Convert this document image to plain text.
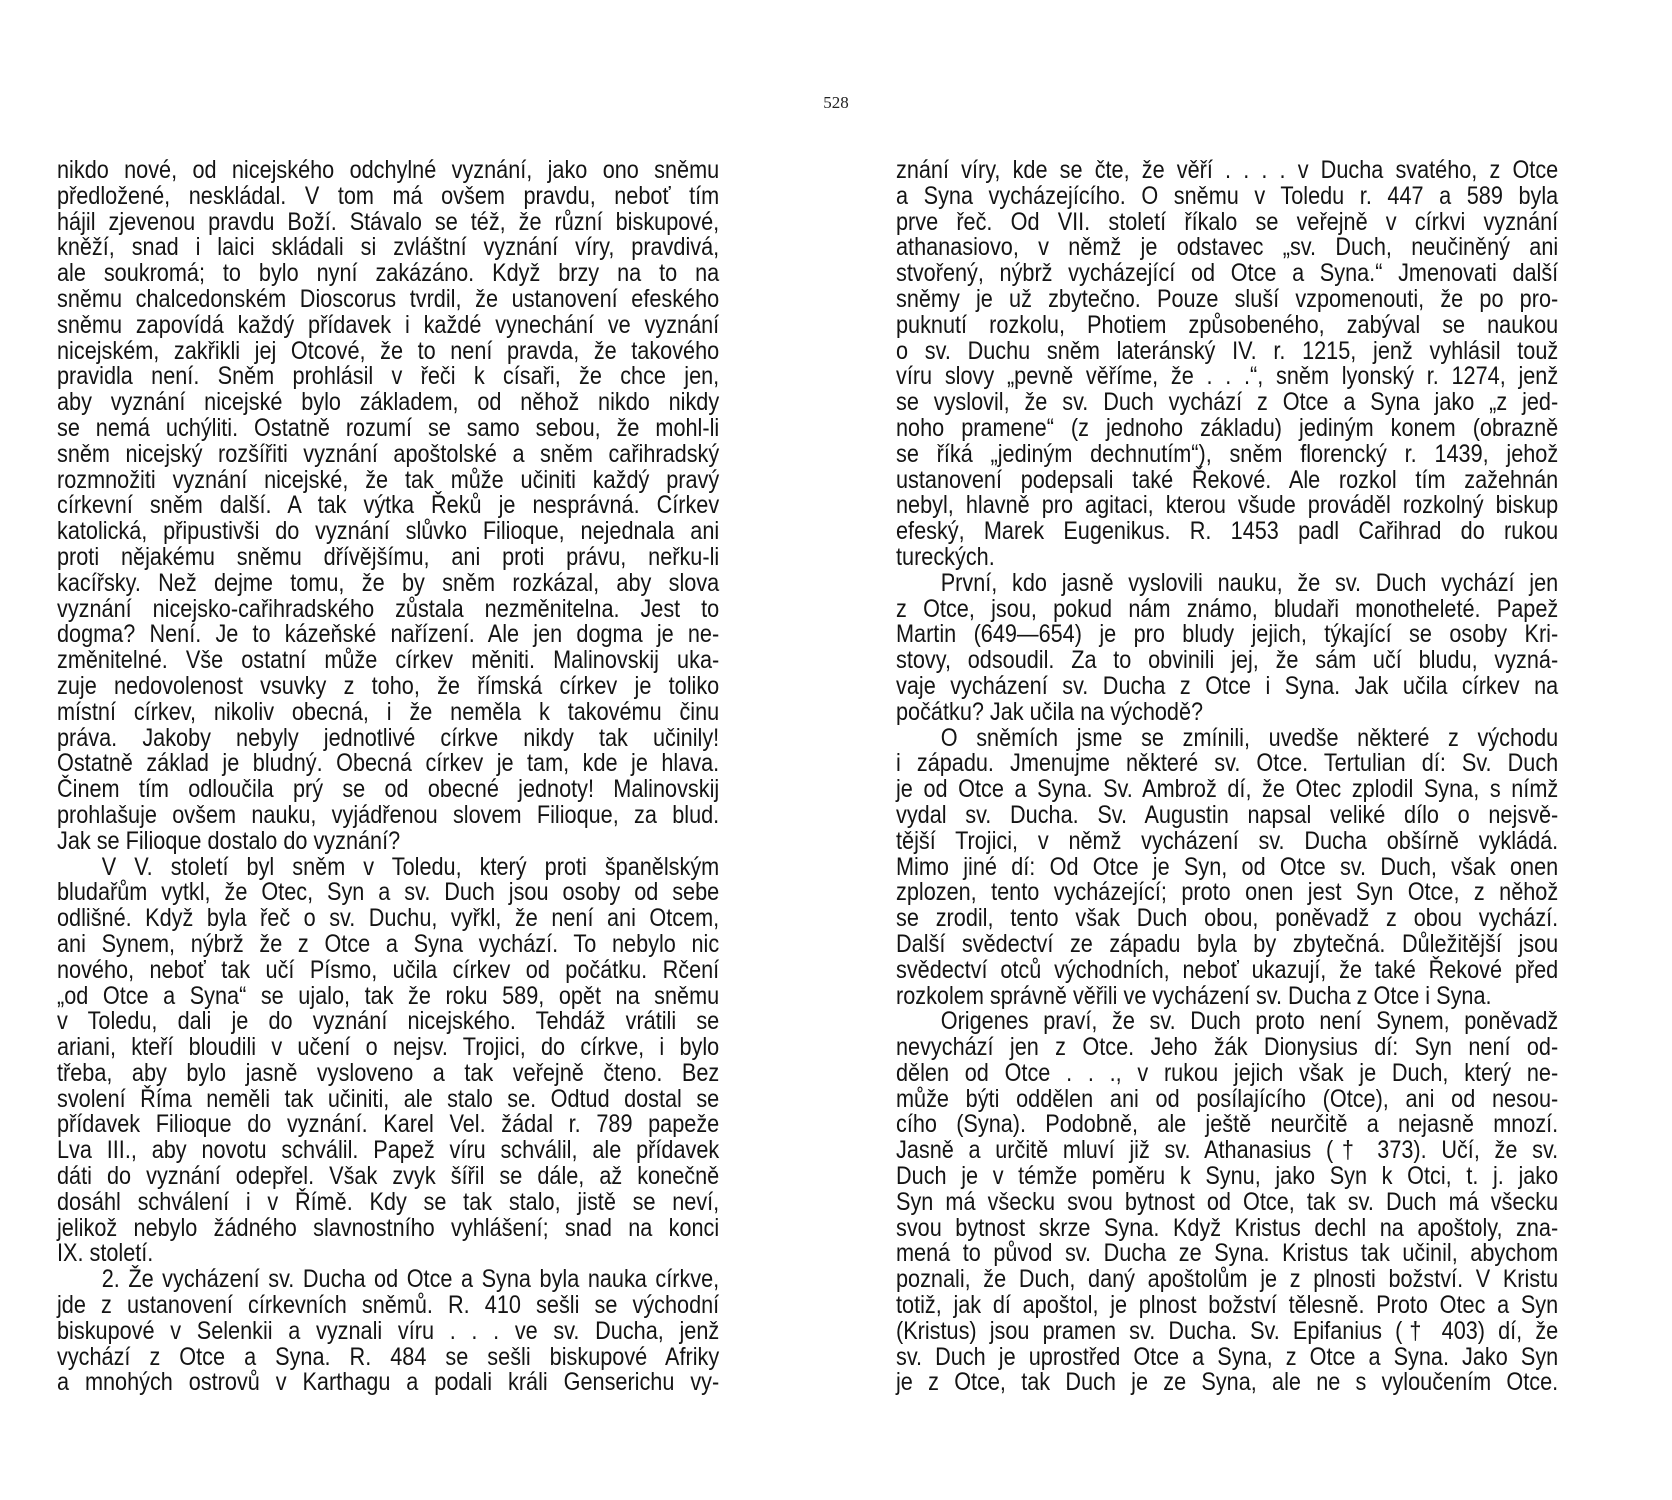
528
nikdo nové, od nicejského odchylné vyznání, jako ono sněmu
předložené, neskládal. V tom má ovšem pravdu, neboť tím
hájil zjevenou pravdu Boží. Stávalo se též, že různí biskupové,
kněží, snad i laici skládali si zvláštní vyznání víry, pravdivá,
ale soukromá; to bylo nyní zakázáno. Když brzy na to na
sněmu chalcedonském Dioscorus tvrdil, že ustanovení efeského
sněmu zapovídá každý přídavek i každé vynechání ve vyznání
nicejském, zakřikli jej Otcové, že to není pravda, že takového
pravidla není. Sněm prohlásil v řeči k císaři, že chce jen,
aby vyznání nicejské bylo základem, od něhož nikdo nikdy
se nemá uchýliti. Ostatně rozumí se samo sebou, že mohl-li
sněm nicejský rozšířiti vyznání apoštolské a sněm cařihradský
rozmnožiti vyznání nicejské, že tak může učiniti každý pravý
církevní sněm další. A tak výtka Řeků je nesprávná. Církev
katolická, připustivši do vyznání slůvko Filioque, nejednala ani
proti nějakému sněmu dřívějšímu, ani proti právu, neřku-li
kacířsky. Než dejme tomu, že by sněm rozkázal, aby slova
vyznání nicejsko-cařihradského zůstala nezměnitelna. Jest to
dogma? Není. Je to kázeňské nařízení. Ale jen dogma je ne-
změnitelné. Vše ostatní může církev měniti. Malinovskij uka-
zuje nedovolenost vsuvky z toho, že římská církev je toliko
místní církev, nikoliv obecná, i že neměla k takovému činu
práva. Jakoby nebyly jednotlivé církve nikdy tak učinily!
Ostatně základ je bludný. Obecná církev je tam, kde je hlava.
Činem tím odloučila prý se od obecné jednoty! Malinovskij
prohlašuje ovšem nauku, vyjádřenou slovem Filioque, za blud.
Jak se Filioque dostalo do vyznání?
V V. století byl sněm v Toledu, který proti španělským
bludařům vytkl, že Otec, Syn a sv. Duch jsou osoby od sebe
odlišné. Když byla řeč o sv. Duchu, vyřkl, že není ani Otcem,
ani Synem, nýbrž že z Otce a Syna vychází. To nebylo nic
nového, neboť tak učí Písmo, učila církev od počátku. Rčení
„od Otce a Syna“ se ujalo, tak že roku 589, opět na sněmu
v Toledu, dali je do vyznání nicejského. Tehdáž vrátili se
ariani, kteří bloudili v učení o nejsv. Trojici, do církve, i bylo
třeba, aby bylo jasně vysloveno a tak veřejně čteno. Bez
svolení Říma neměli tak učiniti, ale stalo se. Odtud dostal se
přídavek Filioque do vyznání. Karel Vel. žádal r. 789 papeže
Lva III., aby novotu schválil. Papež víru schválil, ale přídavek
dáti do vyznání odepřel. Však zvyk šířil se dále, až konečně
dosáhl schválení i v Římě. Kdy se tak stalo, jistě se neví,
jelikož nebylo žádného slavnostního vyhlášení; snad na konci
IX. století.
2. Že vycházení sv. Ducha od Otce a Syna byla nauka církve,
jde z ustanovení církevních sněmů. R. 410 sešli se východní
biskupové v Selenkii a vyznali víru . . . ve sv. Ducha, jenž
vychází z Otce a Syna. R. 484 se sešli biskupové Afriky
a mnohých ostrovů v Karthagu a podali králi Genserichu vy-
znání víry, kde se čte, že věří . . . . v Ducha svatého, z Otce
a Syna vycházejícího. O sněmu v Toledu r. 447 a 589 byla
prve řeč. Od VII. století říkalo se veřejně v církvi vyznání
athanasiovo, v němž je odstavec „sv. Duch, neučiněný ani
stvořený, nýbrž vycházející od Otce a Syna.“ Jmenovati další
sněmy je už zbytečno. Pouze sluší vzpomenouti, že po pro-
puknutí rozkolu, Photiem způsobeného, zabýval se naukou
o sv. Duchu sněm lateránský IV. r. 1215, jenž vyhlásil touž
víru slovy „pevně věříme, že . . .“, sněm lyonský r. 1274, jenž
se vyslovil, že sv. Duch vychází z Otce a Syna jako „z jed-
noho pramene“ (z jednoho základu) jediným konem (obrazně
se říká „jediným dechnutím“), sněm florencký r. 1439, jehož
ustanovení podepsali také Řekové. Ale rozkol tím zažehnán
nebyl, hlavně pro agitaci, kterou všude prováděl rozkolný biskup
efeský, Marek Eugenikus. R. 1453 padl Cařihrad do rukou
tureckých.
První, kdo jasně vyslovili nauku, že sv. Duch vychází jen
z Otce, jsou, pokud nám známo, bludaři monotheleté. Papež
Martin (649—654) je pro bludy jejich, týkající se osoby Kri-
stovy, odsoudil. Za to obvinili jej, že sám učí bludu, vyzná-
vaje vycházení sv. Ducha z Otce i Syna. Jak učila církev na
počátku? Jak učila na východě?
O sněmích jsme se zmínili, uvedše některé z východu
i západu. Jmenujme některé sv. Otce. Tertulian dí: Sv. Duch
je od Otce a Syna. Sv. Ambrož dí, že Otec zplodil Syna, s nímž
vydal sv. Ducha. Sv. Augustin napsal veliké dílo o nejsvě-
tější Trojici, v němž vycházení sv. Ducha obšírně vykládá.
Mimo jiné dí: Od Otce je Syn, od Otce sv. Duch, však onen
zplozen, tento vycházející; proto onen jest Syn Otce, z něhož
se zrodil, tento však Duch obou, poněvadž z obou vychází.
Další svědectví ze západu byla by zbytečná. Důležitější jsou
svědectví otců východních, neboť ukazují, že také Řekové před
rozkolem správně věřili ve vycházení sv. Ducha z Otce i Syna.
Origenes praví, že sv. Duch proto není Synem, poněvadž
nevychází jen z Otce. Jeho žák Dionysius dí: Syn není od-
dělen od Otce . . ., v rukou jejich však je Duch, který ne-
může býti oddělen ani od posílajícího (Otce), ani od nesou-
cího (Syna). Podobně, ale ještě neurčitě a nejasně mnozí.
Jasně a určitě mluví již sv. Athanasius († 373). Učí, že sv.
Duch je v témže poměru k Synu, jako Syn k Otci, t. j. jako
Syn má všecku svou bytnost od Otce, tak sv. Duch má všecku
svou bytnost skrze Syna. Když Kristus dechl na apoštoly, zna-
mená to původ sv. Ducha ze Syna. Kristus tak učinil, abychom
poznali, že Duch, daný apoštolům je z plnosti božství. V Kristu
totiž, jak dí apoštol, je plnost božství tělesně. Proto Otec a Syn
(Kristus) jsou pramen sv. Ducha. Sv. Epifanius († 403) dí, že
sv. Duch je uprostřed Otce a Syna, z Otce a Syna. Jako Syn
je z Otce, tak Duch je ze Syna, ale ne s vyloučením Otce.
